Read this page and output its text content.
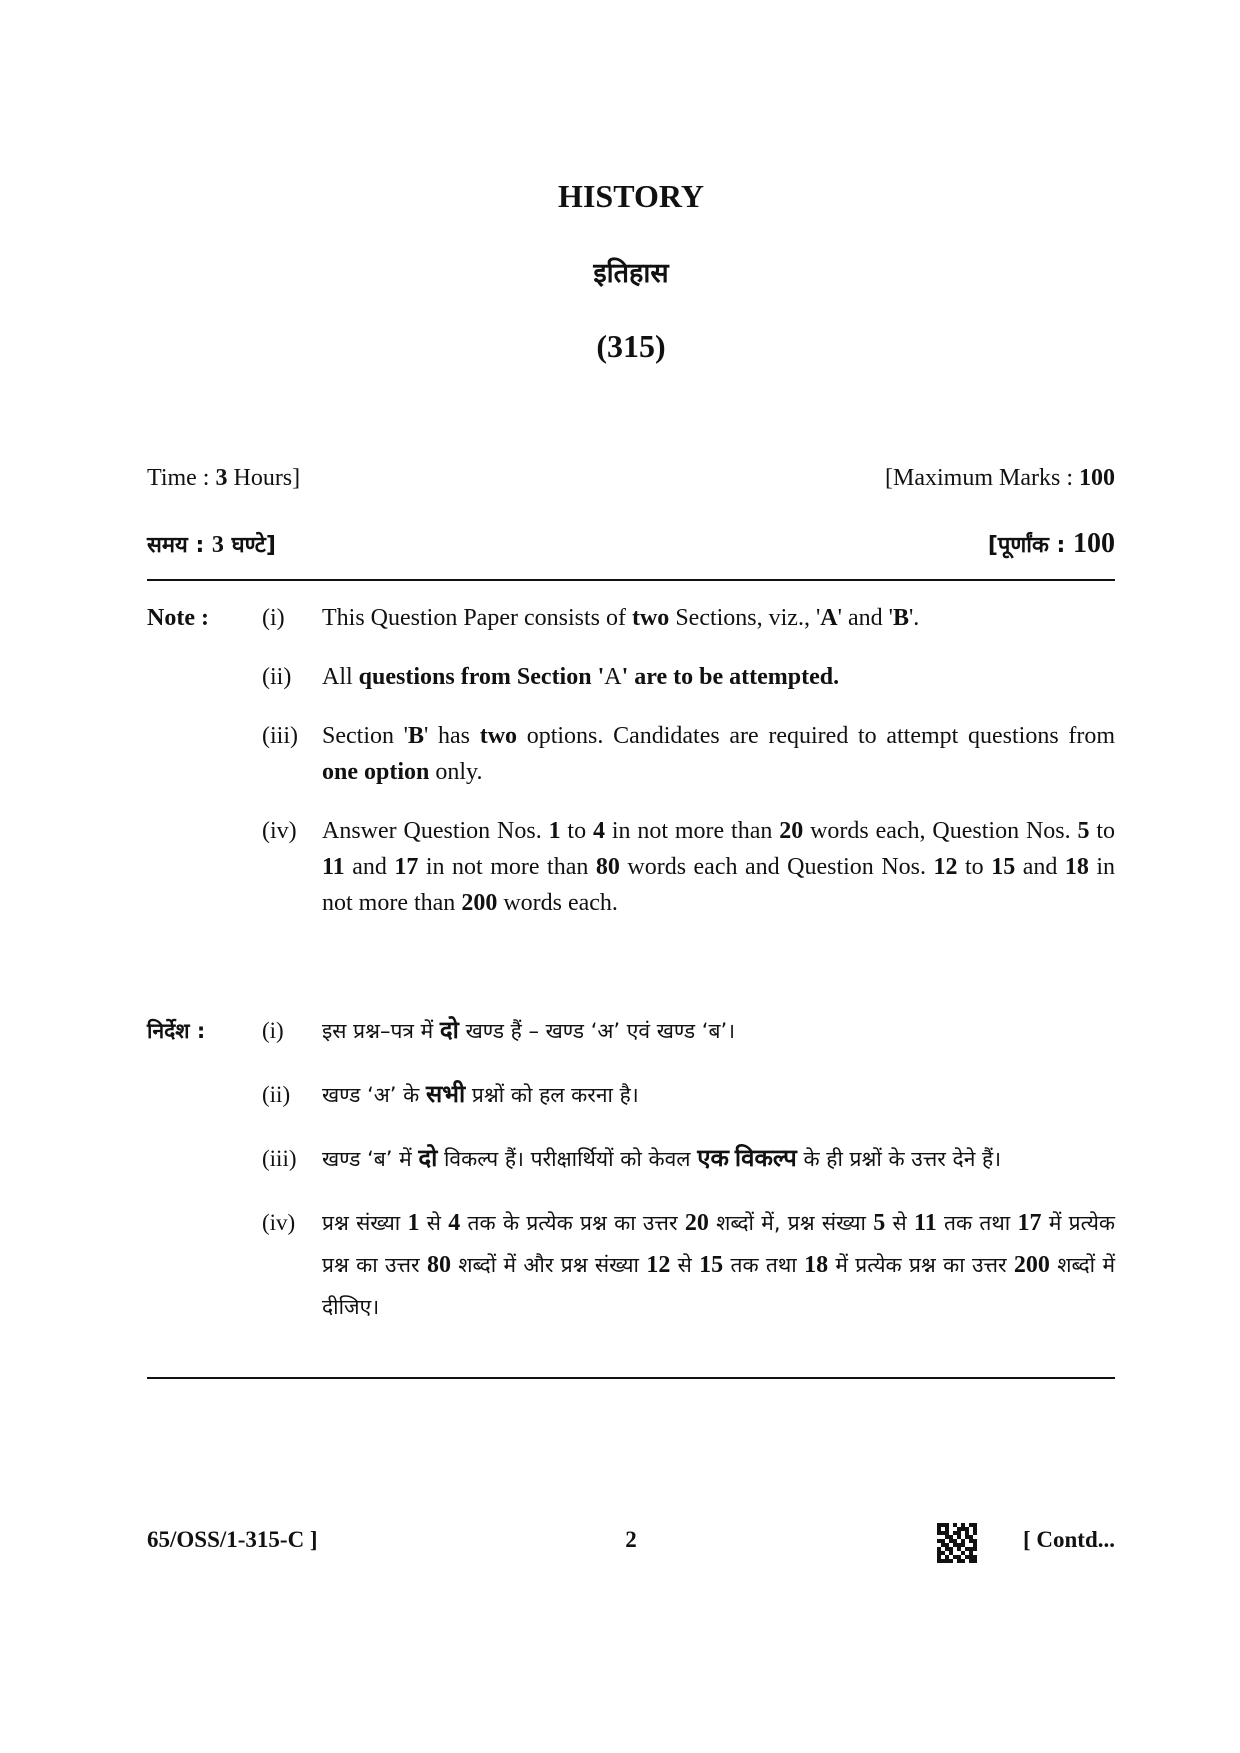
HISTORY
इतिहास
(315)
Time : 3 Hours]	[Maximum Marks : 100
समय : 3 घण्टे]	[पूर्णांक : 100
Note : (i)	This Question Paper consists of two Sections, viz., 'A' and 'B'.
(ii)	All questions from Section 'A' are to be attempted.
(iii)	Section 'B' has two options. Candidates are required to attempt questions from one option only.
(iv)	Answer Question Nos. 1 to 4 in not more than 20 words each, Question Nos. 5 to 11 and 17 in not more than 80 words each and Question Nos. 12 to 15 and 18 in not more than 200 words each.
निर्देश : (i)	इस प्रश्न–पत्र में दो खण्ड हैं – खण्ड ‘अ’ एवं खण्ड ‘ब’।
(ii)	खण्ड ‘अ’ के सभी प्रश्नों को हल करना है।
(iii)	खण्ड ‘ब’ में दो विकल्प हैं। परीक्षार्थियों को केवल एक विकल्प के ही प्रश्नों के उत्तर देने हैं।
(iv)	प्रश्न संख्या 1 से 4 तक के प्रत्येक प्रश्न का उत्तर 20 शब्दों में, प्रश्न संख्या 5 से 11 तक तथा 17 में प्रत्येक प्रश्न का उत्तर 80 शब्दों में और प्रश्न संख्या 12 से 15 तक तथा 18 में प्रत्येक प्रश्न का उत्तर 200 शब्दों में दीजिए।
65/OSS/1-315-C ]	2	[ Contd...
